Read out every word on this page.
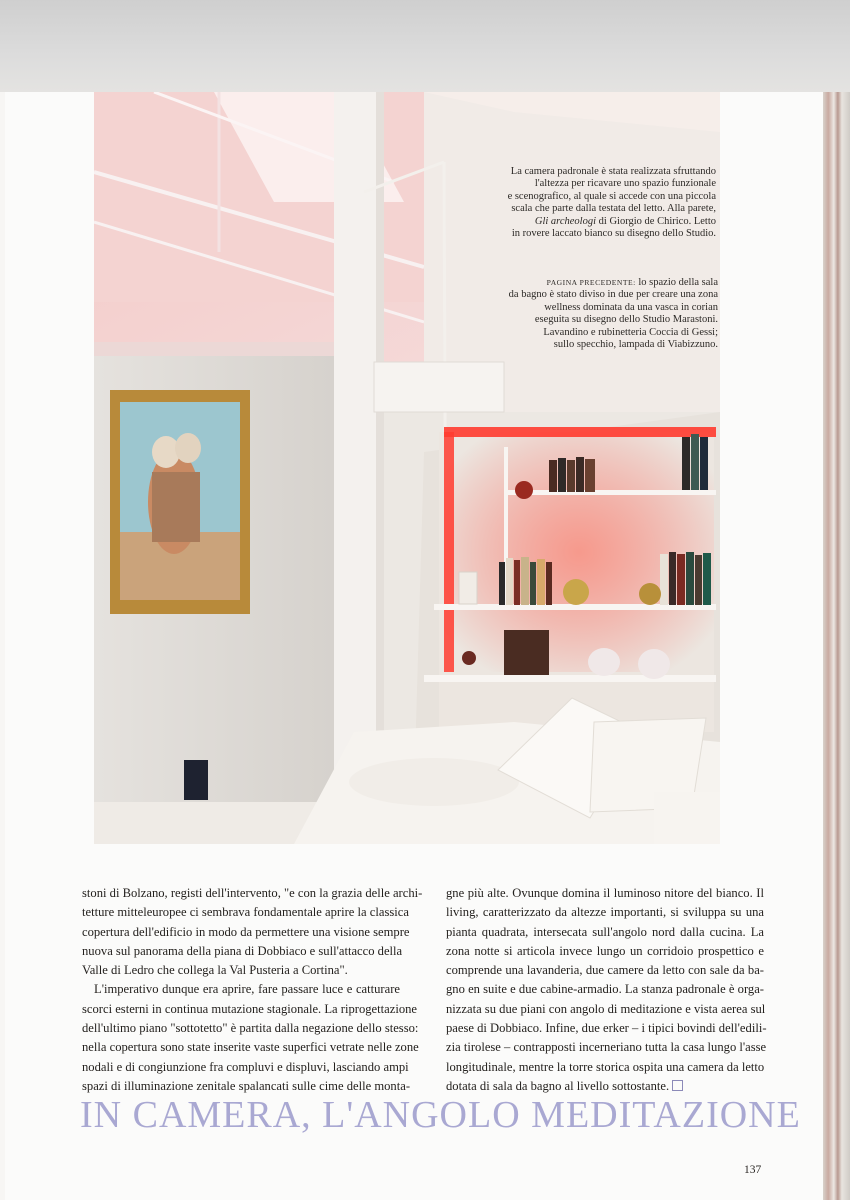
La camera padronale è stata realizzata sfruttando
l'altezza per ricavare uno spazio funzionale
e scenografico, al quale si accede con una piccola
scala che parte dalla testata del letto. Alla parete,
Gli archeologi di Giorgio de Chirico. Letto
in rovere laccato bianco su disegno dello Studio.
PAGINA PRECEDENTE: lo spazio della sala
da bagno è stato diviso in due per creare una zona
wellness dominata da una vasca in corian
eseguita su disegno dello Studio Marastoni.
Lavandino e rubinetteria Coccia di Gessi;
sullo specchio, lampada di Viabizzuno.
stoni di Bolzano, registi dell'intervento, "e con la grazia delle archi-
tetture mitteleuropee ci sembrava fondamentale aprire la classica
copertura dell'edificio in modo da permettere una visione sempre
nuova sul panorama della piana di Dobbiaco e sull'attacco della
Valle di Ledro che collega la Val Pusteria a Cortina".
L'imperativo dunque era aprire, fare passare luce e catturare
scorci esterni in continua mutazione stagionale. La riprogettazione
dell'ultimo piano "sottotetto" è partita dalla negazione dello stesso:
nella copertura sono state inserite vaste superfici vetrate nelle zone
nodali e di congiunzione fra compluvi e displuvi, lasciando ampi
spazi di illuminazione zenitale spalancati sulle cime delle monta-
gne più alte. Ovunque domina il luminoso nitore del bianco. Il
living, caratterizzato da altezze importanti, si sviluppa su una
pianta quadrata, intersecata sull'angolo nord dalla cucina. La
zona notte si articola invece lungo un corridoio prospettico e
comprende una lavanderia, due camere da letto con sale da ba-
gno en suite e due cabine-armadio. La stanza padronale è orga-
nizzata su due piani con angolo di meditazione e vista aerea sul
paese di Dobbiaco. Infine, due erker – i tipici bovindi dell'edili-
zia tirolese – contrapposti incerneriano tutta la casa lungo l'asse
longitudinale, mentre la torre storica ospita una camera da letto
dotata di sala da bagno al livello sottostante.
IN CAMERA, L'ANGOLO MEDITAZIONE
137
